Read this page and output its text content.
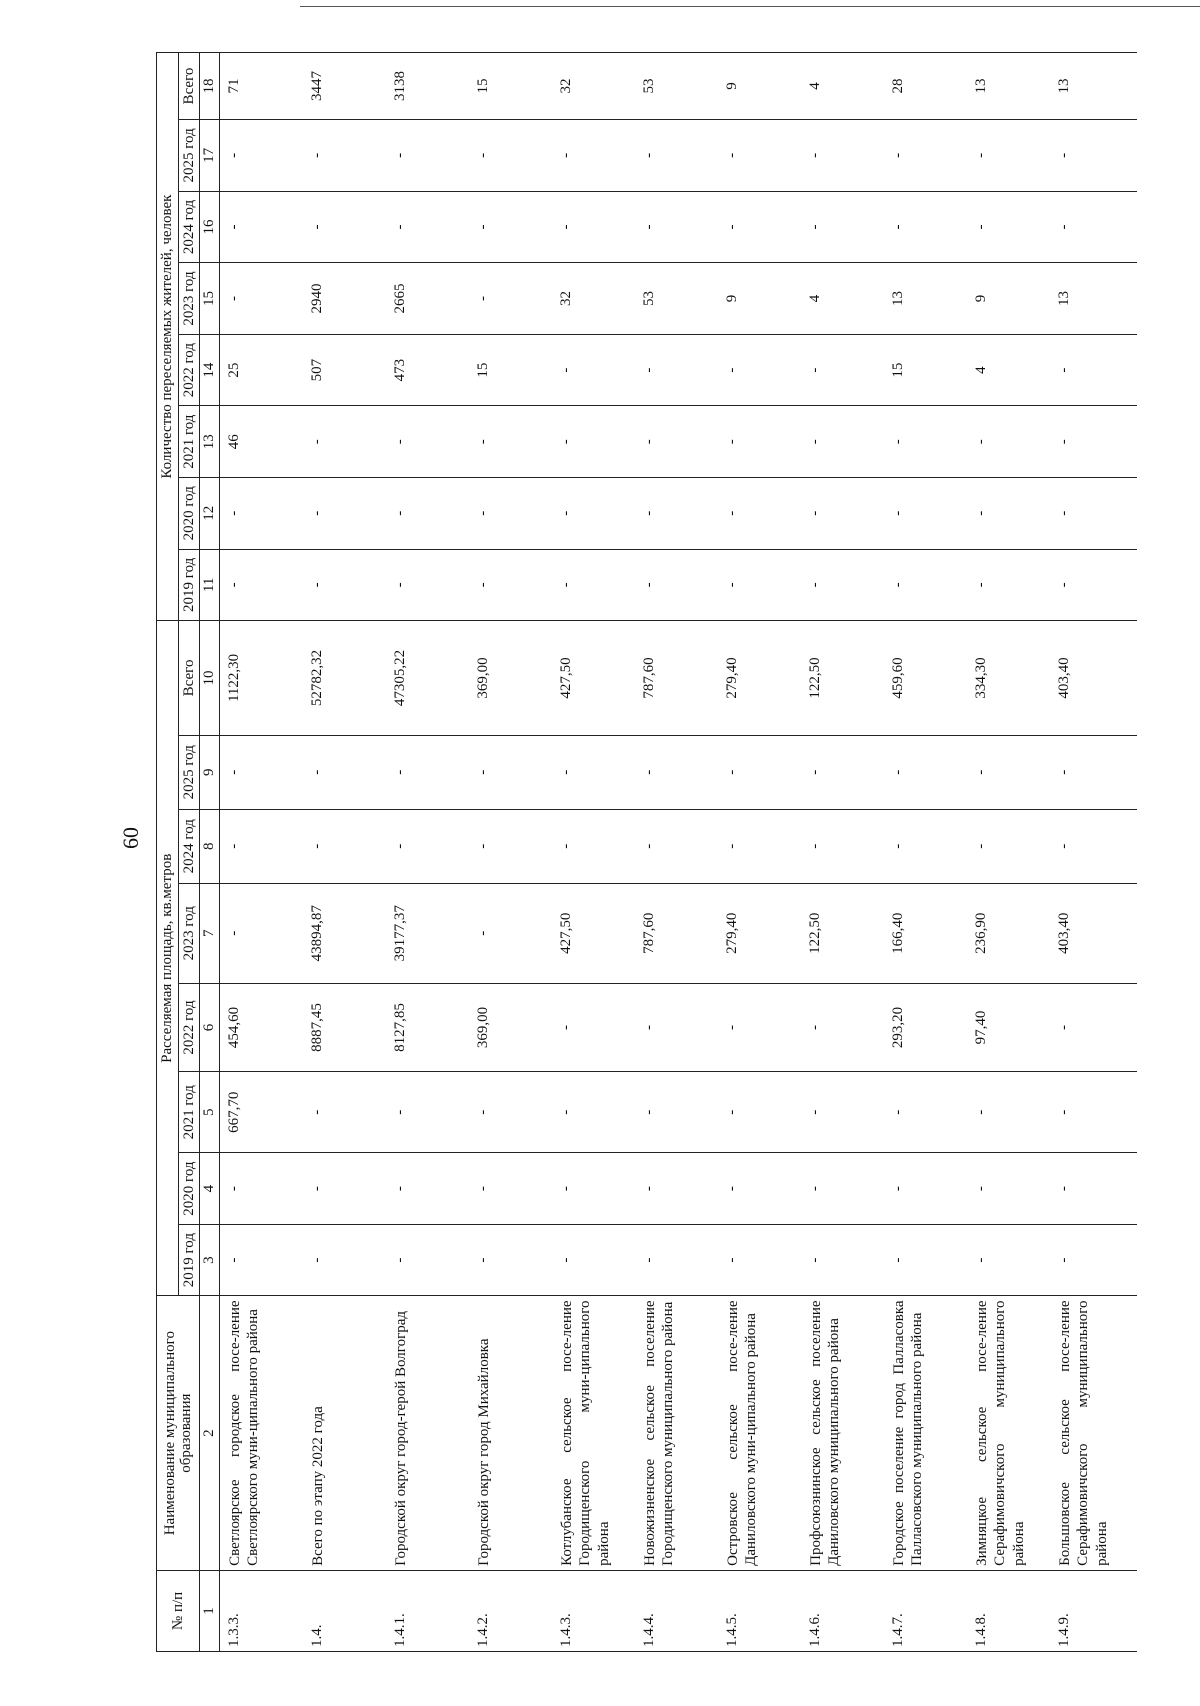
60
№ п/п	Наименование муниципального образования	Расселяемая площадь, кв.метров								Количество переселяемых жителей, человек							
		2019 год	2020 год	2021 год	2022 год	2023 год	2024 год	2025 год	Всего	2019 год	2020 год	2021 год	2022 год	2023 год	2024 год	2025 год	Всего
1	2	3	4	5	6	7	8	9	10	11	12	13	14	15	16	17	18
1.3.3.	Светлоярское городское посе-ление Светлоярского муни-ципального района	-	-	667,70	454,60	-	-	-	1122,30	-	-	46	25	-	-	-	71
1.4.	Всего по этапу 2022 года	-	-	-	8887,45	43894,87	-	-	52782,32	-	-	-	507	2940	-	-	3447
1.4.1.	Городской округ город-герой Волгоград	-	-	-	8127,85	39177,37	-	-	47305,22	-	-	-	473	2665	-	-	3138
1.4.2.	Городской округ город Михайловка	-	-	-	369,00	-	-	-	369,00	-	-	-	15	-	-	-	15
1.4.3.	Котлубанское сельское посе-ление Городищенского муни-ципального района	-	-	-	-	427,50	-	-	427,50	-	-	-	-	32	-	-	32
1.4.4.	Новожизненское сельское поселение Городищенского муниципального района	-	-	-	-	787,60	-	-	787,60	-	-	-	-	53	-	-	53
1.4.5.	Островское сельское посе-ление Даниловского муни-ципального района	-	-	-	-	279,40	-	-	279,40	-	-	-	-	9	-	-	9
1.4.6.	Профсоюзнинское сельское поселение Даниловского муниципального района	-	-	-	-	122,50	-	-	122,50	-	-	-	-	4	-	-	4
1.4.7.	Городское поселение город Палласовка Палласовского муниципального района	-	-	-	293,20	166,40	-	-	459,60	-	-	-	15	13	-	-	28
1.4.8.	Зимняцкое сельское посе-ление Серафимовичского муниципального района	-	-	-	97,40	236,90	-	-	334,30	-	-	-	4	9	-	-	13
1.4.9.	Большовское сельское посе-ление Серафимовичского муниципального района	-	-	-	-	403,40	-	-	403,40	-	-	-	-	13	-	-	13
